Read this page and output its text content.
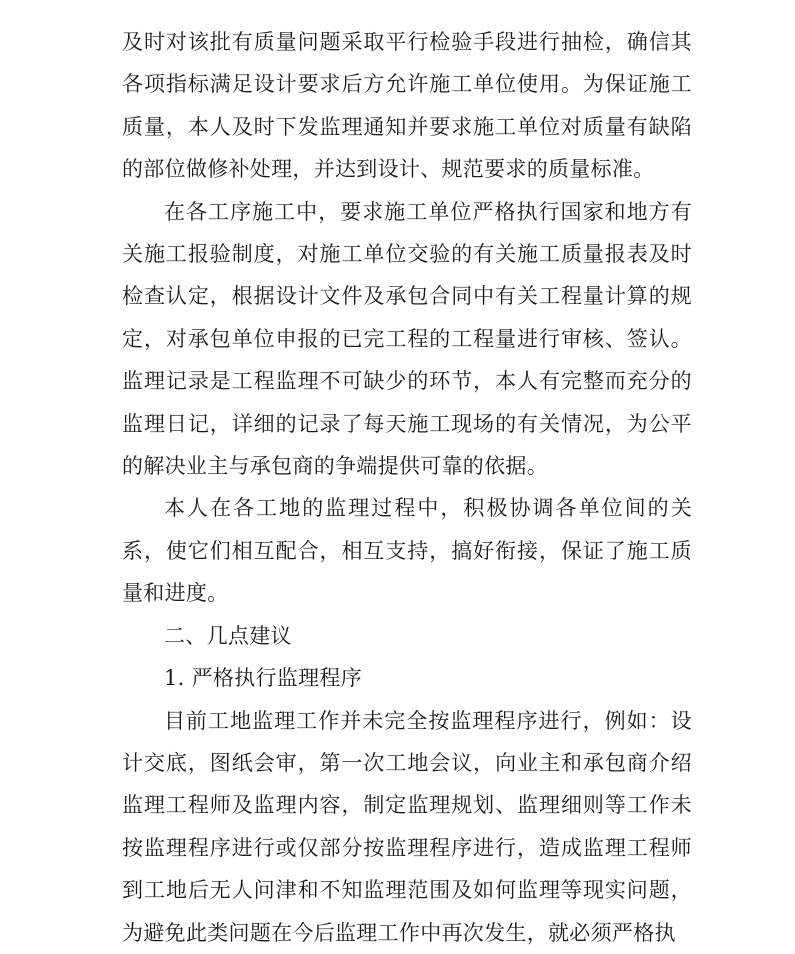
及时对该批有质量问题采取平行检验手段进行抽检，确信其各项指标满足设计要求后方允许施工单位使用。为保证施工质量，本人及时下发监理通知并要求施工单位对质量有缺陷的部位做修补处理，并达到设计、规范要求的质量标准。

在各工序施工中，要求施工单位严格执行国家和地方有关施工报验制度，对施工单位交验的有关施工质量报表及时检查认定，根据设计文件及承包合同中有关工程量计算的规定，对承包单位申报的已完工程的工程量进行审核、签认。监理记录是工程监理不可缺少的环节，本人有完整而充分的监理日记，详细的记录了每天施工现场的有关情况，为公平的解决业主与承包商的争端提供可靠的依据。

本人在各工地的监理过程中，积极协调各单位间的关系，使它们相互配合，相互支持，搞好衔接，保证了施工质量和进度。

二、几点建议

1. 严格执行监理程序

目前工地监理工作并未完全按监理程序进行，例如：设计交底，图纸会审，第一次工地会议，向业主和承包商介绍监理工程师及监理内容，制定监理规划、监理细则等工作未按监理程序进行或仅部分按监理程序进行，造成监理工程师到工地后无人问津和不知监理范围及如何监理等现实问题，为避免此类问题在今后监理工作中再次发生，就必须严格执
